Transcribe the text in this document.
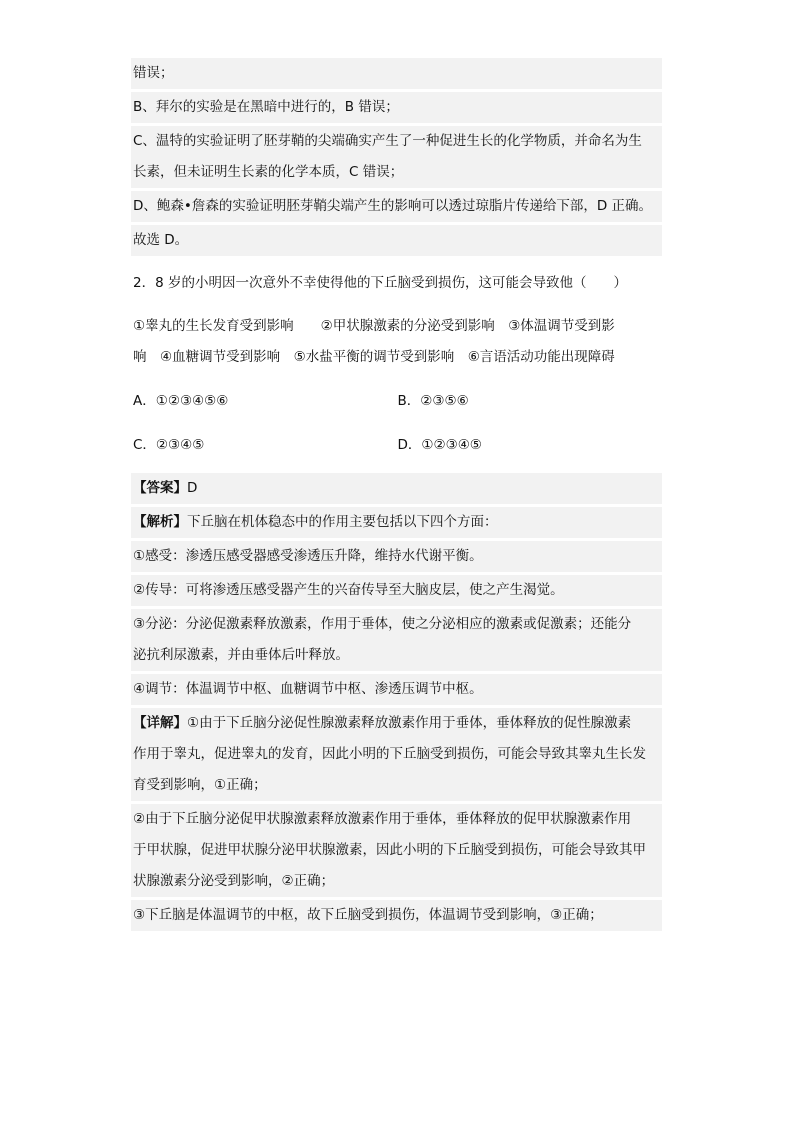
错误；
B、拜尔的实验是在黑暗中进行的，B 错误；
C、温特的实验证明了胚芽鞘的尖端确实产生了一种促进生长的化学物质，并命名为生
长素，但未证明生长素的化学本质，C 错误；
D、鲍森•詹森的实验证明胚芽鞘尖端产生的影响可以透过琼脂片传递给下部，D 正确。
故选 D。
2．8 岁的小明因一次意外不幸使得他的下丘脑受到损伤，这可能会导致他（　　）
①睾丸的生长发育受到影响　　②甲状腺激素的分泌受到影响　③体温调节受到影
响　④血糖调节受到影响　⑤水盐平衡的调节受到影响　⑥言语活动功能出现障碍
A．①②③④⑤⑥	B．②③⑤⑥
C．②③④⑤	D．①②③④⑤
【答案】D
【解析】下丘脑在机体稳态中的作用主要包括以下四个方面：
①感受：渗透压感受器感受渗透压升降，维持水代谢平衡。
②传导：可将渗透压感受器产生的兴奋传导至大脑皮层，使之产生渴觉。
③分泌：分泌促激素释放激素，作用于垂体，使之分泌相应的激素或促激素；还能分
泌抗利尿激素，并由垂体后叶释放。
④调节：体温调节中枢、血糖调节中枢、渗透压调节中枢。
【详解】①由于下丘脑分泌促性腺激素释放激素作用于垂体，垂体释放的促性腺激素
作用于睾丸，促进睾丸的发育，因此小明的下丘脑受到损伤，可能会导致其睾丸生长发
育受到影响，①正确；
②由于下丘脑分泌促甲状腺激素释放激素作用于垂体，垂体释放的促甲状腺激素作用
于甲状腺，促进甲状腺分泌甲状腺激素，因此小明的下丘脑受到损伤，可能会导致其甲
状腺激素分泌受到影响，②正确；
③下丘脑是体温调节的中枢，故下丘脑受到损伤，体温调节受到影响，③正确；
